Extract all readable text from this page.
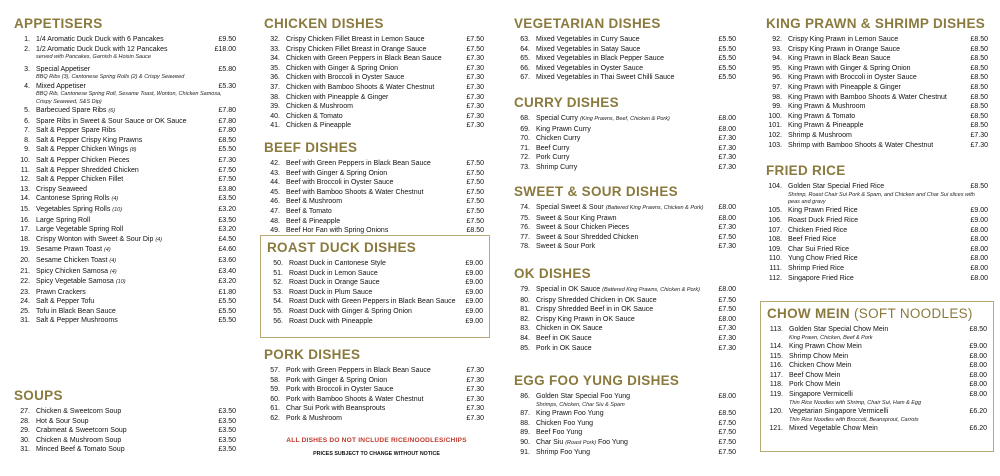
APPETISERS
1. 1/4 Aromatic Duck Duck with 6 Pancakes	£9.50
2. 1/2 Aromatic Duck Duck with 12 Pancakes	£18.00
served with Pancakes, Garnish & Hoisin Sauce
3. Special Appetiser	£5.80
BBQ Ribs (3), Cantonese Spring Rolls (2) & Crispy Seaweed
4. Mixed Appetiser	£5.30
BBQ Rib, Cantonese Spring Roll, Sesame Toast, Wonton, Chicken Samosa, Crispy Seaweed, S&S Dip)
5. Barbecued Spare Ribs (6)	£7.80
6. Spare Ribs in Sweet & Sour Sauce or OK Sauce	£7.80
7. Salt & Pepper Spare Ribs	£7.80
8. Salt & Pepper Crispy King Prawns	£8.50
9. Salt & Pepper Chicken Wings (8)	£5.50
10. Salt & Pepper Chicken Pieces	£7.30
11. Salt & Pepper Shredded Chicken	£7.50
12. Salt & Pepper Chicken Fillet	£7.50
13. Crispy Seaweed	£3.80
14. Cantonese Spring Rolls (4)	£3.50
15. Vegetables Spring Rolls (10)	£3.20
16. Large Spring Roll	£3.50
17. Large Vegetable Spring Roll	£3.20
18. Crispy Wonton with Sweet & Sour Dip (4)	£4.50
19. Sesame Prawn Toast (4)	£4.60
20. Sesame Chicken Toast (4)	£3.60
21. Spicy Chicken Samosa (4)	£3.40
22. Spicy Vegetable Samosa (10)	£3.20
23. Prawn Crackers	£1.80
24. Salt & Pepper Tofu	£5.50
25. Tofu in Black Bean Sauce	£5.50
31. Salt & Pepper Mushrooms	£5.50
SOUPS
27. Chicken & Sweetcorn Soup	£3.50
28. Hot & Sour Soup	£3.50
29. Crabmeat & Sweetcorn Soup	£3.50
30. Chicken & Mushroom Soup	£3.50
31. Minced Beef & Tomato Soup	£3.50
CHICKEN DISHES
32. Crispy Chicken Fillet Breast in Lemon Sauce	£7.50
33. Crispy Chicken Fillet Breast in Orange Sauce	£7.50
34. Chicken with Green Peppers in Black Bean Sauce	£7.30
35. Chicken with Ginger & Spring Onion	£7.30
36. Chicken with Broccoli in Oyster Sauce	£7.30
37. Chicken with Bamboo Shoots & Water Chestnut	£7.30
38. Chicken with Pineapple & Ginger	£7.30
39. Chicken & Mushroom	£7.30
40. Chicken & Tomato	£7.30
41. Chicken & Pineapple	£7.30
BEEF DISHES
42. Beef with Green Peppers in Black Bean Sauce	£7.50
43. Beef with Ginger & Spring Onion	£7.50
44. Beef with Broccoli in Oyster Sauce	£7.50
45. Beef with Bamboo Shoots & Water Chestnut	£7.50
46. Beef & Mushroom	£7.50
47. Beef & Tomato	£7.50
48. Beef & Pineapple	£7.50
49. Beef Hor Fan with Spring Onions	£8.50
ROAST DUCK DISHES
50. Roast Duck in Cantonese Style	£9.00
51. Roast Duck in Lemon Sauce	£9.00
52. Roast Duck in Orange Sauce	£9.00
53. Roast Duck in Plum Sauce	£9.00
54. Roast Duck with Green Peppers in Black Bean Sauce	£9.00
55. Roast Duck with Ginger & Spring Onion	£9.00
56. Roast Duck with Pineapple	£9.00
PORK DISHES
57. Pork with Green Peppers in Black Bean Sauce	£7.30
58. Pork with Ginger & Spring Onion	£7.30
59. Pork with Broccoli in Oyster Sauce	£7.30
60. Pork with Bamboo Shoots & Water Chestnut	£7.30
61. Char Sui Pork with Beansprouts	£7.30
62. Pork & Mushroom	£7.30
ALL DISHES DO NOT INCLUDE RICE/NOODLES/CHIPS
PRICES SUBJECT TO CHANGE WITHOUT NOTICE
VEGETARIAN DISHES
63. Mixed Vegetables in Curry Sauce	£5.50
64. Mixed Vegetables in Satay Sauce	£5.50
65. Mixed Vegetables in Black Pepper Sauce	£5.50
66. Mixed Vegetables in Oyster Sauce	£5.50
67. Mixed Vegetables in Thai Sweet Chilli Sauce	£5.50
CURRY DISHES
68. Special Curry (King Prawns, Beef, Chicken & Pork)	£8.00
69. King Prawn Curry	£8.00
70. Chicken Curry	£7.30
71. Beef Curry	£7.30
72. Pork Curry	£7.30
73. Shrimp Curry	£7.30
SWEET & SOUR DISHES
74. Special Sweet & Sour (Battered King Prawns, Chicken & Pork)	£8.00
75. Sweet & Sour King Prawn	£8.00
76. Sweet & Sour Chicken Pieces	£7.30
77. Sweet & Sour Shredded Chicken	£7.50
78. Sweet & Sour Pork	£7.30
OK DISHES
79. Special in OK Sauce (Battered King Prawns, Chicken & Pork)	£8.00
80. Crispy Shredded Chicken in OK Sauce	£7.50
81. Crispy Shredded Beef in in OK Sauce	£7.50
82. Crispy King Prawn in OK Sauce	£8.00
83. Chicken in OK Sauce	£7.30
84. Beef in OK Sauce	£7.30
85. Pork in OK Sauce	£7.30
EGG FOO YUNG DISHES
86. Golden Star Special Foo Yung	£8.00
Shrimps, Chicken, Char Siu & Spam
87. King Prawn Foo Yung	£8.50
88. Chicken Foo Yung	£7.50
89. Beef Foo Yung	£7.50
90. Char Siu (Roast Pork) Foo Yung	£7.50
91. Shrimp Foo Yung	£7.50
KING PRAWN & SHRIMP DISHES
92. Crispy King Prawn in Lemon Sauce	£8.50
93. Crispy King Prawn in Orange Sauce	£8.50
94. King Prawn in Black Bean Sauce	£8.50
95. King Prawn with Ginger & Spring Onion	£8.50
96. King Prawn with Broccoli in Oyster Sauce	£8.50
97. King Prawn with Pineapple & Ginger	£8.50
98. King Prawn with Bamboo Shoots & Water Chestnut	£8.50
99. King Prawn & Mushroom	£8.50
100. King Prawn & Tomato	£8.50
101. King Prawn & Pineapple	£8.50
102. Shrimp & Mushroom	£7.30
103. Shrimp with Bamboo Shoots & Water Chestnut	£7.30
FRIED RICE
104. Golden Star Special Fried Rice	£8.50
Shrimp, Roast Chair Sui Pork & Spam, and Chicken and Char Sui slices with peas and gravy
105. King Prawn Fried Rice	£9.00
106. Roast Duck Fried Rice	£9.00
107. Chicken Fried Rice	£8.00
108. Beef Fried Rice	£8.00
109. Char Sui Fried Rice	£8.00
110. Yung Chow Fried Rice	£8.00
111. Shrimp Fried Rice	£8.00
112. Singapore Fried Rice	£8.00
CHOW MEIN (SOFT NOODLES)
113. Golden Star Special Chow Mein	£8.50
King Prawn, Chicken, Beef & Pork
114. King Prawn Chow Mein	£9.00
115. Shrimp Chow Mein	£8.00
116. Chicken Chow Mein	£8.00
117. Beef Chow Mein	£8.00
118. Pork Chow Mein	£8.00
119. Singapore Vermicelli	£8.00
Thin Rice Noodles with Shrimp, Chair Sui, Ham & Egg
120. Vegetarian Singapore Vermicelli	£6.20
Thin Rice Noodles with Broccoli, Beansprout, Carrots
121. Mixed Vegetable Chow Mein	£6.20
